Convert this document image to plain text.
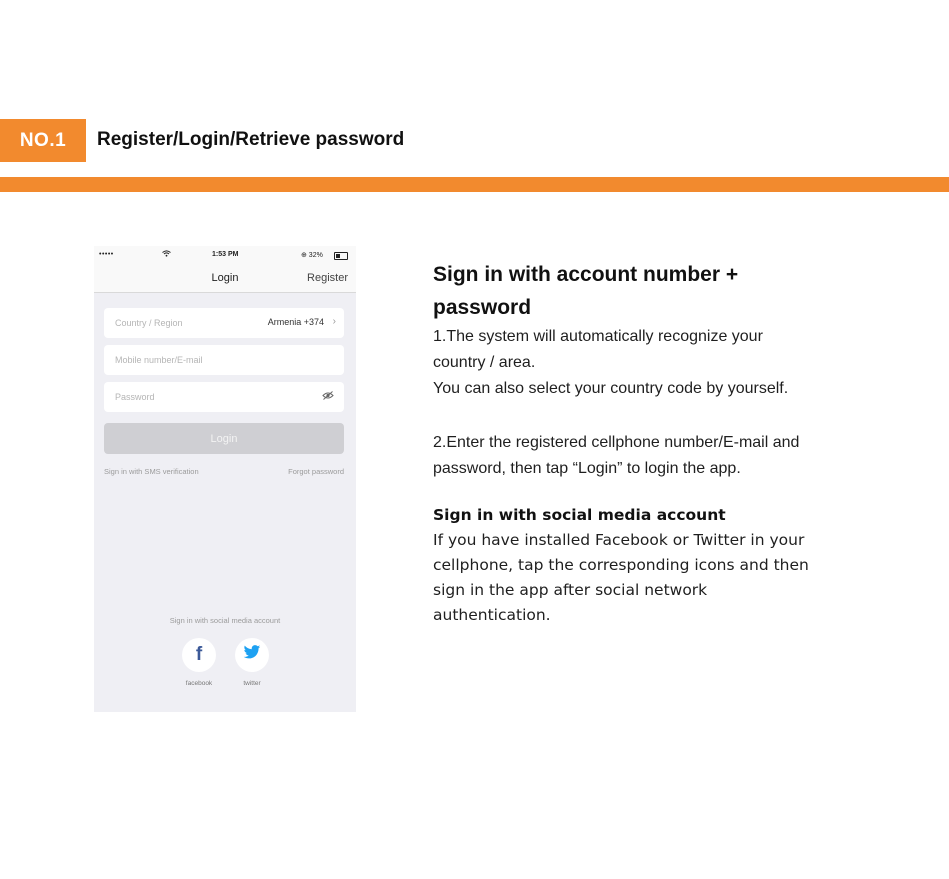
NO.1	Register/Login/Retrieve password
•••••	1:53 PM	⊕ 32%
Login	Register
Country / Region	Armenia +374 ›
Mobile number/E-mail
Password
Login
Sign in with SMS verification	Forgot password
Sign in with social media account
f
facebook	twitter

Sign in with account number +

password

1.The system will automatically recognize your

country / area.

You can also select your country code by yourself.

2.Enter the registered cellphone number/E-mail and

password, then tap “Login” to login the app.

Sign in with social media account

If you have installed Facebook or Twitter in your

cellphone, tap the corresponding icons and then

sign in the app after social network

authentication.
